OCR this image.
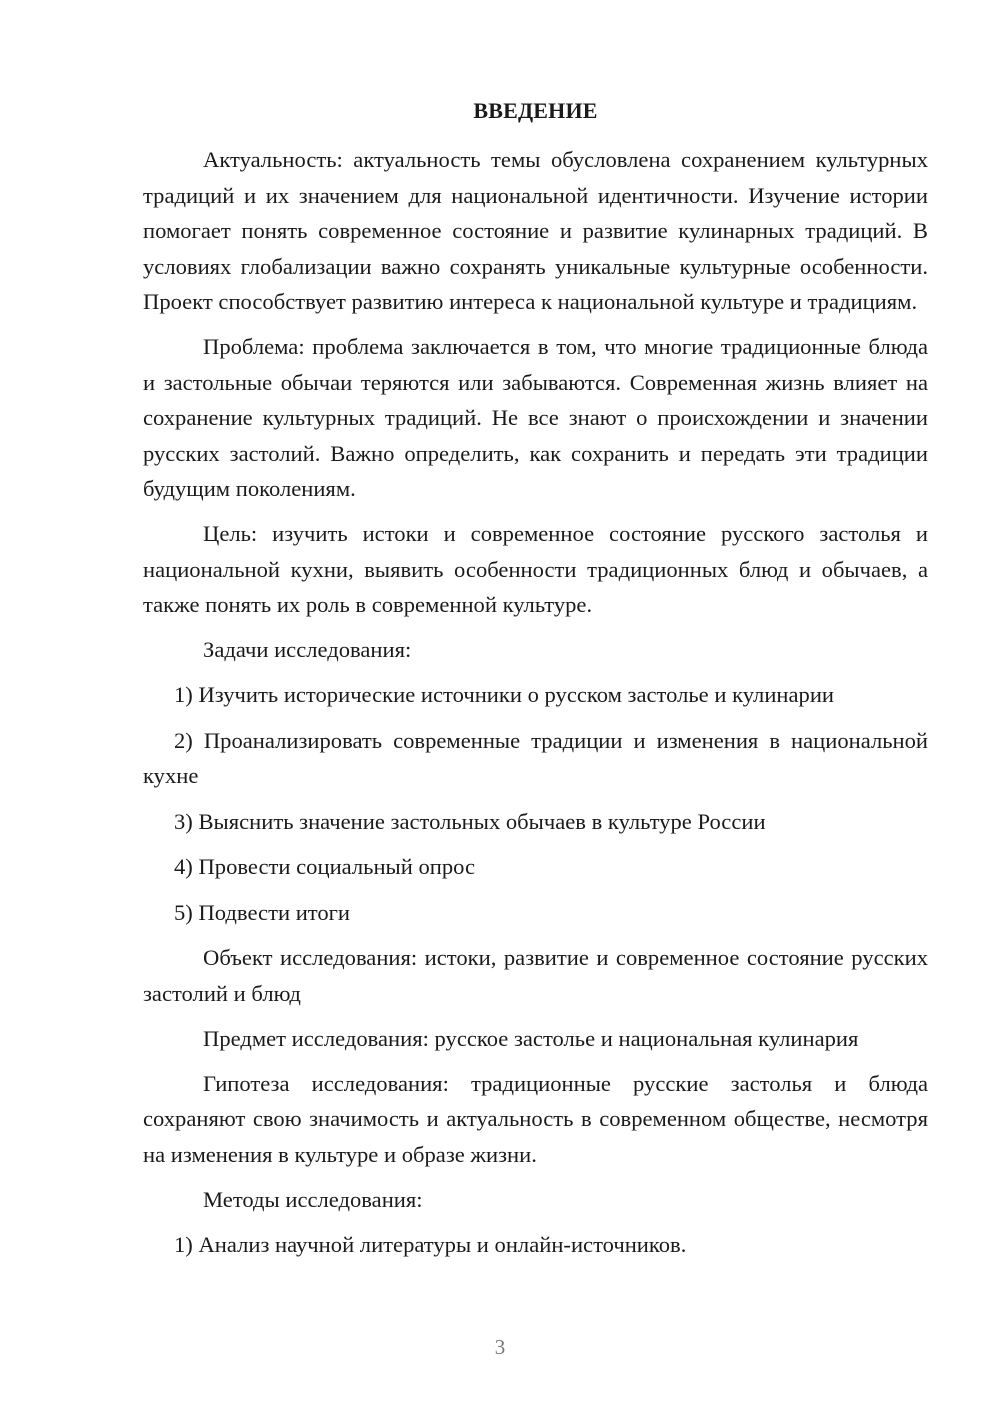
ВВЕДЕНИЕ

Актуальность: актуальность темы обусловлена сохранением культурных традиций и их значением для национальной идентичности. Изучение истории помогает понять современное состояние и развитие кулинарных традиций. В условиях глобализации важно сохранять уникальные культурные особенности. Проект способствует развитию интереса к национальной культуре и традициям.

Проблема: проблема заключается в том, что многие традиционные блюда и застольные обычаи теряются или забываются. Современная жизнь влияет на сохранение культурных традиций. Не все знают о происхождении и значении русских застолий. Важно определить, как сохранить и передать эти традиции будущим поколениям.

Цель: изучить истоки и современное состояние русского застолья и национальной кухни, выявить особенности традиционных блюд и обычаев, а также понять их роль в современной культуре.

Задачи исследования:

1) Изучить исторические источники о русском застолье и кулинарии

2) Проанализировать современные традиции и изменения в национальной кухне

3) Выяснить значение застольных обычаев в культуре России

4) Провести социальный опрос

5) Подвести итоги

Объект исследования: истоки, развитие и современное состояние русских застолий и блюд

Предмет исследования: русское застолье и национальная кулинария

Гипотеза исследования: традиционные русские застолья и блюда сохраняют свою значимость и актуальность в современном обществе, несмотря на изменения в культуре и образе жизни.

Методы исследования:

1) Анализ научной литературы и онлайн-источников.

3
